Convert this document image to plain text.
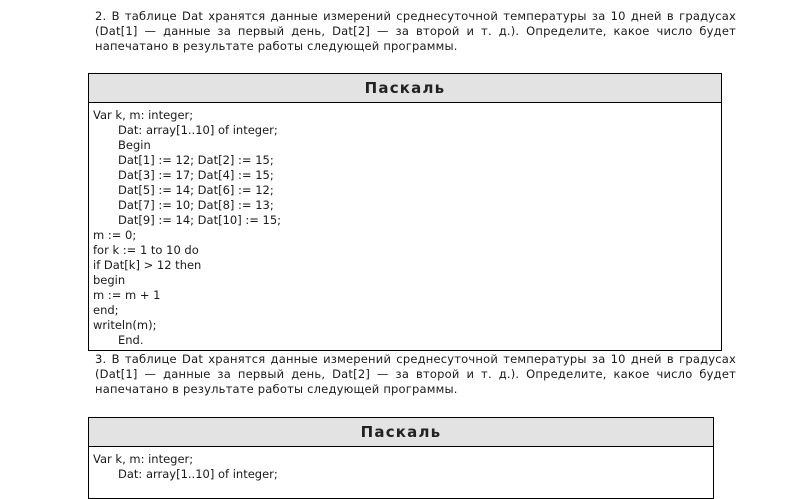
2. В таблице Dat хранятся данные измерений среднесуточной температуры за 10 дней в градусах (Dat[1] — данные за первый день, Dat[2] — за второй и т. д.). Определите, какое число будет напечатано в результате работы следующей программы.

Паскаль
Var k, m: integer;
Dat: array[1..10] of integer;
Begin
Dat[1] := 12; Dat[2] := 15;
Dat[3] := 17; Dat[4] := 15;
Dat[5] := 14; Dat[6] := 12;
Dat[7] := 10; Dat[8] := 13;
Dat[9] := 14; Dat[10] := 15;
m := 0;
for k := 1 to 10 do
if Dat[k] > 12 then
begin
m := m + 1
end;
writeln(m);
End.

3. В таблице Dat хранятся данные измерений среднесуточной температуры за 10 дней в градусах (Dat[1] — данные за первый день, Dat[2] — за второй и т. д.). Определите, какое число будет напечатано в результате работы следующей программы.

Паскаль
Var k, m: integer;
Dat: array[1..10] of integer;
